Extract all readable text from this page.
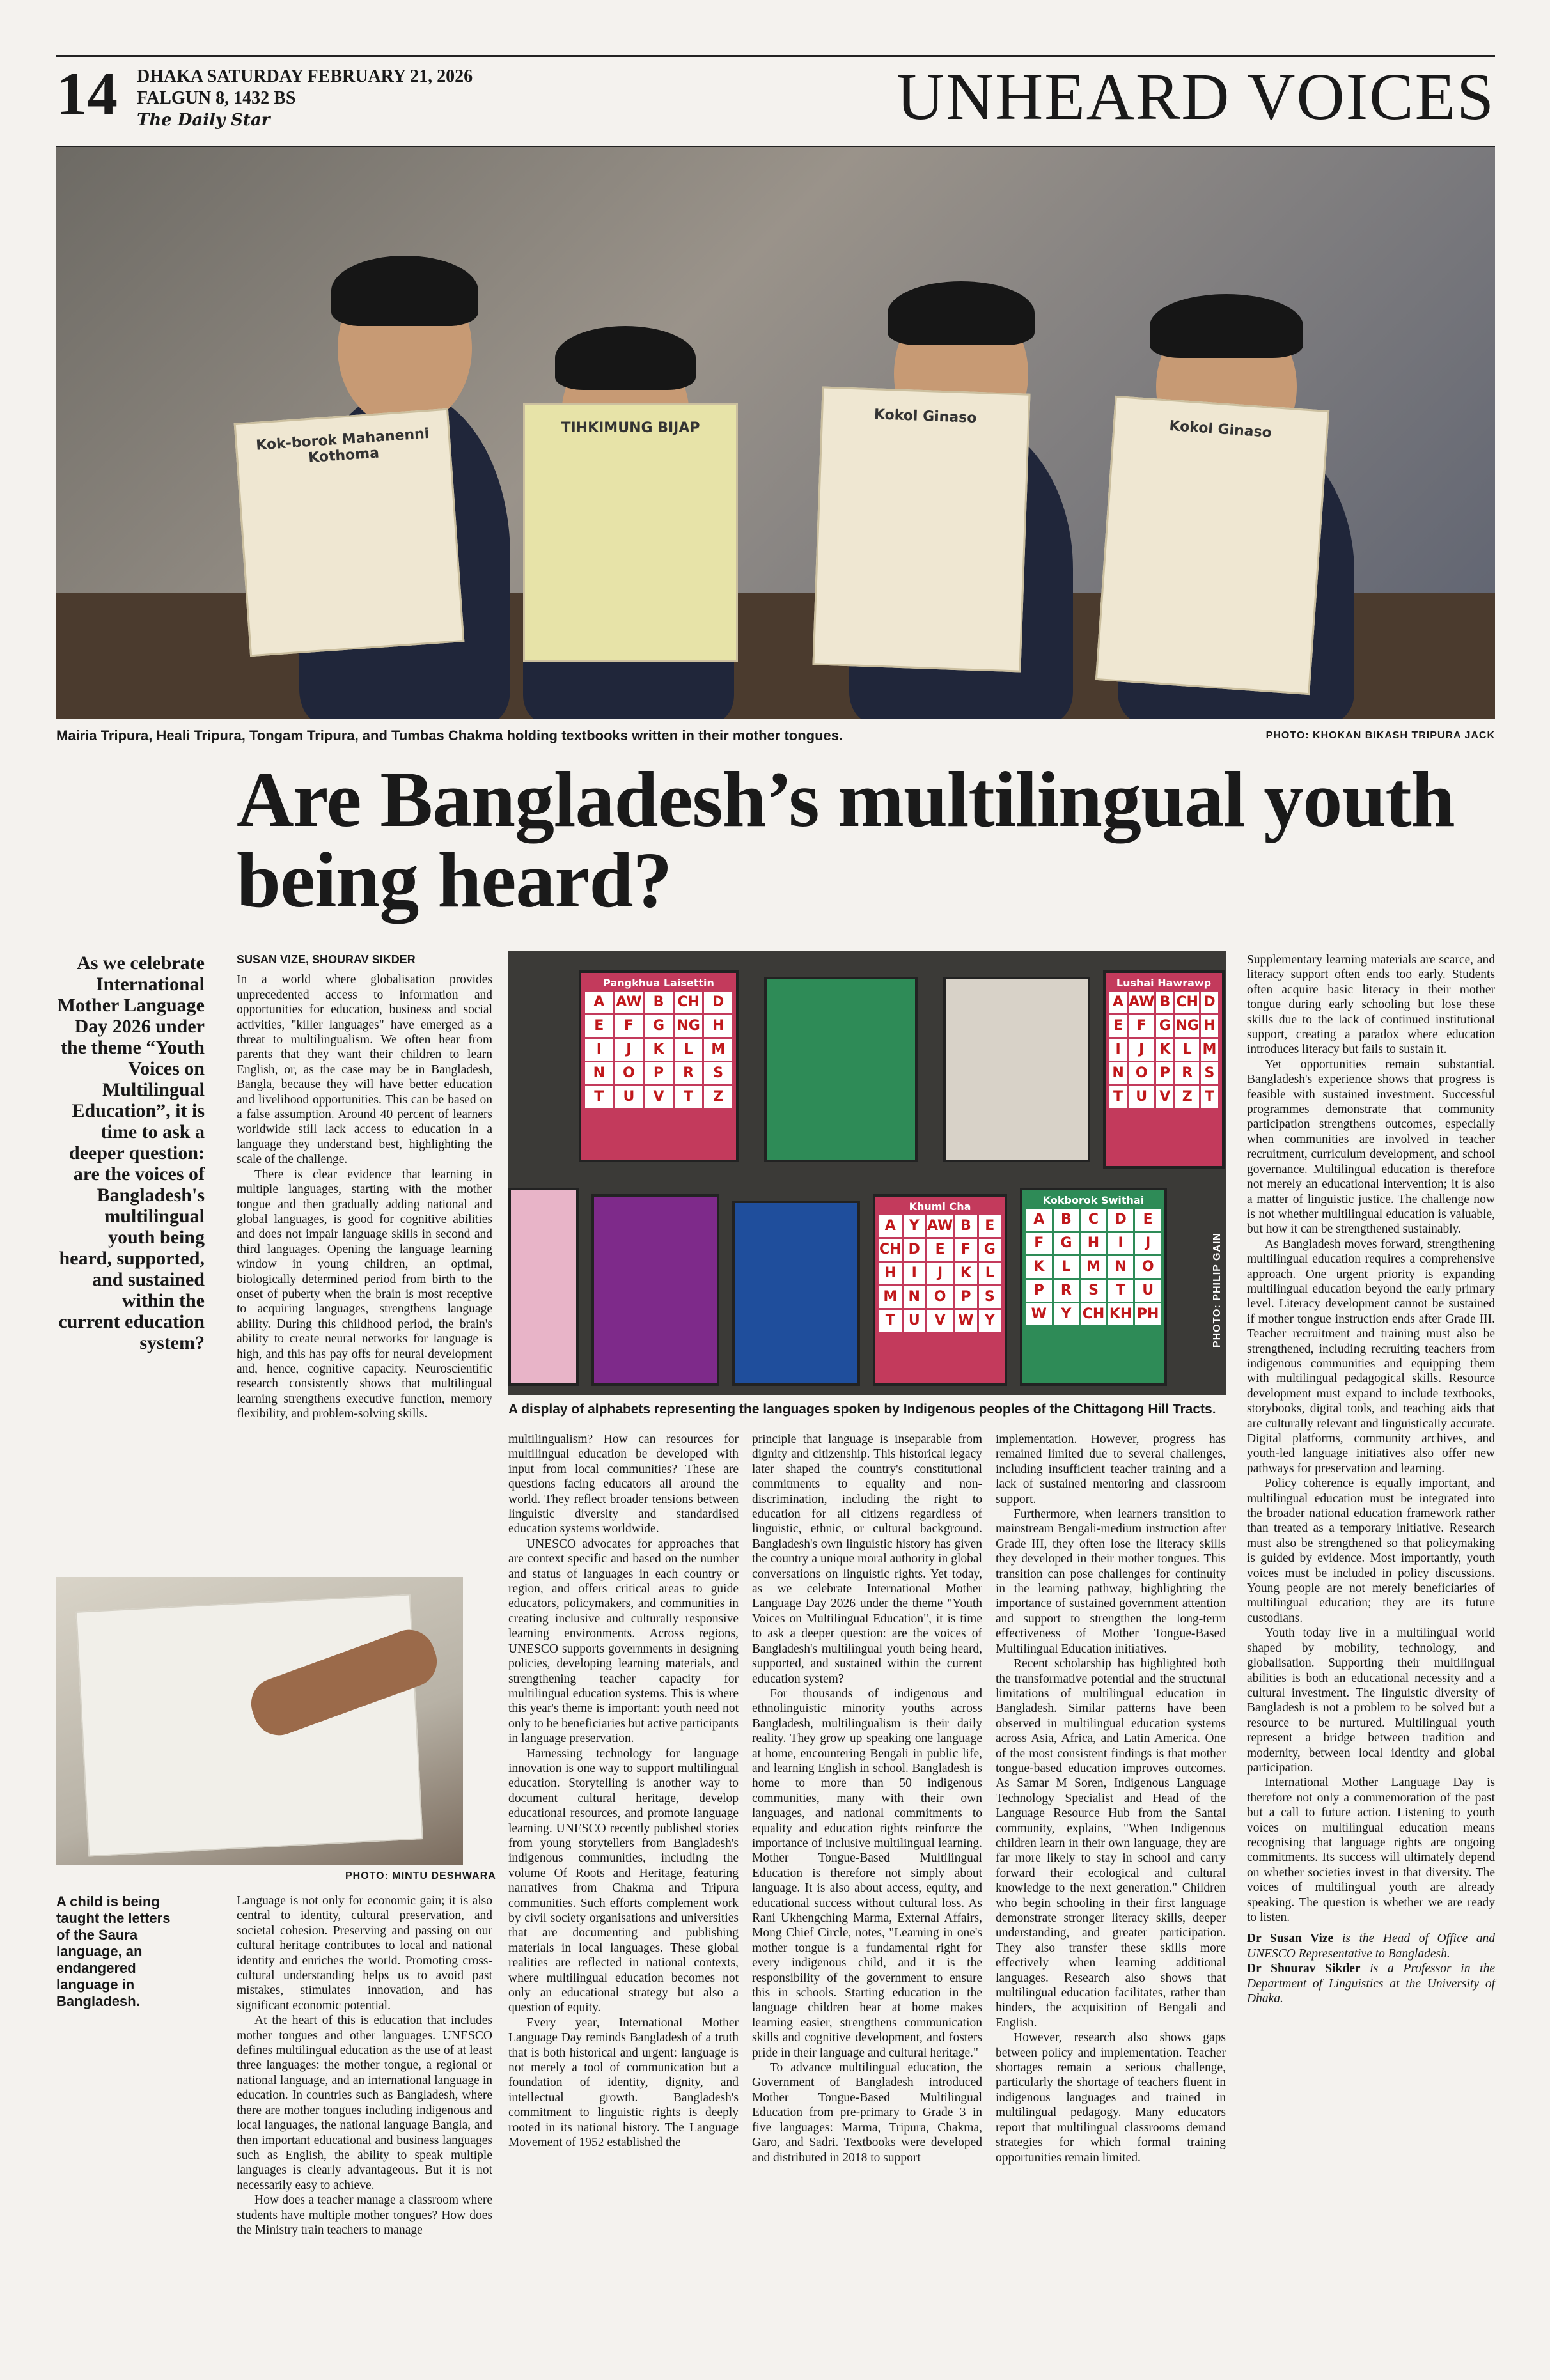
14 DHAKA SATURDAY FEBRUARY 21, 2026
FALGUN 8, 1432 BS
The Daily Star	UNHEARD VOICES
Kok-borok Mahanenni Kothoma
TIHKIMUNG BIJAP
Kokol Ginaso
Kokol Ginaso
Mairia Tripura, Heali Tripura, Tongam Tripura, and Tumbas Chakma holding textbooks written in their mother tongues.	PHOTO: KHOKAN BIKASH TRIPURA JACK
Are Bangladesh’s multilingual youth being heard?
As we celebrate International Mother Language Day 2026 under the theme “Youth Voices on Multilingual Education”, it is time to ask a deeper question: are the voices of Bangladesh's multilingual youth being heard, supported, and sustained within the current education system?
SUSAN VIZE, SHOURAV SIKDER

In a world where globalisation provides unprecedented access to information and opportunities for education, business and social activities, "killer languages" have emerged as a threat to multilingualism. We often hear from parents that they want their children to learn English, or, as the case may be in Bangladesh, Bangla, because they will have better education and livelihood opportunities. This can be based on a false assumption. Around 40 percent of learners worldwide still lack access to education in a language they understand best, highlighting the scale of the challenge.

There is clear evidence that learning in multiple languages, starting with the mother tongue and then gradually adding national and global languages, is good for cognitive abilities and does not impair language skills in second and third languages. Opening the language learning window in young children, an optimal, biologically determined period from birth to the onset of puberty when the brain is most receptive to acquiring languages, strengthens language ability. During this childhood period, the brain's ability to create neural networks for language is high, and this has pay offs for neural development and, hence, cognitive capacity. Neuroscientific research consistently shows that multilingual learning strengthens executive function, memory flexibility, and problem-solving skills.

Pangkhua Laisettin
A AW B CH D
E	F	G NG H
I	J	K	L	M
N	O	P	R	S
T	U	V	T	Z

Lushai Hawrawp
A AW B CH D
E F G NG H
I	J	K L M
N O P R S
T U V Z T
Khumi Cha
A Y AW B E
CH D	E	F G
H	I	J	K L
M N O	P S
T U	V W Y
Kokborok Swithai
A	B	C	D	E
F	G	H	I	J
K	L	M	N	O
P	R	S	T	U
W	Y CH KH PH	PHOTO: PHILIP GAIN
A display of alphabets representing the languages spoken by Indigenous peoples of the Chittagong Hill Tracts.

multilingualism? How can resources for multilingual education be developed with input from local communities? These are questions facing educators all around the world. They reflect broader tensions between linguistic diversity and standardised education systems worldwide.

UNESCO advocates for approaches that are context specific and based on the number and status of languages in each country or region, and offers critical areas to guide educators, policymakers, and communities in creating inclusive and culturally responsive learning environments. Across regions, UNESCO supports governments in designing policies, developing learning materials, and strengthening teacher capacity for multilingual education systems. This is where this year's theme is important: youth need not only to be beneficiaries but active participants in language preservation.

Harnessing technology for language innovation is one way to support multilingual education. Storytelling is another way to document cultural heritage, develop educational resources, and promote language learning. UNESCO recently published stories from young storytellers from Bangladesh's indigenous communities, including the volume Of Roots and Heritage, featuring narratives from Chakma and Tripura communities. Such efforts complement work by civil society organisations and universities that are documenting and publishing materials in local languages. These global realities are reflected in national contexts, where multilingual education becomes not only an educational strategy but also a question of equity.

Every year, International Mother Language Day reminds Bangladesh of a truth that is both historical and urgent: language is not merely a tool of communication but a foundation of identity, dignity, and intellectual growth. Bangladesh's commitment to linguistic rights is deeply rooted in its national history. The Language Movement of 1952 established the

principle that language is inseparable from dignity and citizenship. This historical legacy later shaped the country's constitutional commitments to equality and non-discrimination, including the right to education for all citizens regardless of linguistic, ethnic, or cultural background. Bangladesh's own linguistic history has given the country a unique moral authority in global conversations on linguistic rights. Yet today, as we celebrate International Mother Language Day 2026 under the theme "Youth Voices on Multilingual Education", it is time to ask a deeper question: are the voices of Bangladesh's multilingual youth being heard, supported, and sustained within the current education system?

For thousands of indigenous and ethnolinguistic minority youths across Bangladesh, multilingualism is their daily reality. They grow up speaking one language at home, encountering Bengali in public life, and learning English in school. Bangladesh is home to more than 50 indigenous communities, many with their own languages, and national commitments to equality and education rights reinforce the importance of inclusive multilingual learning. Mother Tongue-Based Multilingual Education is therefore not simply about language. It is also about access, equity, and educational success without cultural loss. As Rani Ukhengching Marma, External Affairs, Mong Chief Circle, notes, "Learning in one's mother tongue is a fundamental right for every indigenous child, and it is the responsibility of the government to ensure this in schools. Starting education in the language children hear at home makes learning easier, strengthens communication skills and cognitive development, and fosters pride in their language and cultural heritage."

To advance multilingual education, the Government of Bangladesh introduced Mother Tongue-Based Multilingual Education from pre-primary to Grade 3 in five languages: Marma, Tripura, Chakma, Garo, and Sadri. Textbooks were developed and distributed in 2018 to support

implementation. However, progress has remained limited due to several challenges, including insufficient teacher training and a lack of sustained mentoring and classroom support.

Furthermore, when learners transition to mainstream Bengali-medium instruction after Grade III, they often lose the literacy skills they developed in their mother tongues. This transition can pose challenges for continuity in the learning pathway, highlighting the importance of sustained government attention and support to strengthen the long-term effectiveness of Mother Tongue-Based Multilingual Education initiatives.

Recent scholarship has highlighted both the transformative potential and the structural limitations of multilingual education in Bangladesh. Similar patterns have been observed in multilingual education systems across Asia, Africa, and Latin America. One of the most consistent findings is that mother tongue-based education improves outcomes. As Samar M Soren, Indigenous Language Technology Specialist and Head of the Language Resource Hub from the Santal community, explains, "When Indigenous children learn in their own language, they are far more likely to stay in school and carry forward their ecological and cultural knowledge to the next generation." Children who begin schooling in their first language demonstrate stronger literacy skills, deeper understanding, and greater participation. They also transfer these skills more effectively when learning additional languages. Research also shows that multilingual education facilitates, rather than hinders, the acquisition of Bengali and English.

However, research also shows gaps between policy and implementation. Teacher shortages remain a serious challenge, particularly the shortage of teachers fluent in indigenous languages and trained in multilingual pedagogy. Many educators report that multilingual classrooms demand strategies for which formal training opportunities remain limited.

Supplementary learning materials are scarce, and literacy support often ends too early. Students often acquire basic literacy in their mother tongue during early schooling but lose these skills due to the lack of continued institutional support, creating a paradox where education introduces literacy but fails to sustain it.

Yet opportunities remain substantial. Bangladesh's experience shows that progress is feasible with sustained investment. Successful programmes demonstrate that community participation strengthens outcomes, especially when communities are involved in teacher recruitment, curriculum development, and school governance. Multilingual education is therefore not merely an educational intervention; it is also a matter of linguistic justice. The challenge now is not whether multilingual education is valuable, but how it can be strengthened sustainably.

As Bangladesh moves forward, strengthening multilingual education requires a comprehensive approach. One urgent priority is expanding multilingual education beyond the early primary level. Literacy development cannot be sustained if mother tongue instruction ends after Grade III. Teacher recruitment and training must also be strengthened, including recruiting teachers from indigenous communities and equipping them with multilingual pedagogical skills. Resource development must expand to include textbooks, storybooks, digital tools, and teaching aids that are culturally relevant and linguistically accurate. Digital platforms, community archives, and youth-led language initiatives also offer new pathways for preservation and learning.

Policy coherence is equally important, and multilingual education must be integrated into the broader national education framework rather than treated as a temporary initiative. Research must also be strengthened so that policymaking is guided by evidence. Most importantly, youth voices must be included in policy discussions. Young people are not merely beneficiaries of multilingual education; they are its future custodians.

Youth today live in a multilingual world shaped by mobility, technology, and globalisation. Supporting their multilingual abilities is both an educational necessity and a cultural investment. The linguistic diversity of Bangladesh is not a problem to be solved but a resource to be nurtured. Multilingual youth represent a bridge between tradition and modernity, between local identity and global participation.

International Mother Language Day is therefore not only a commemoration of the past but a call to future action. Listening to youth voices on multilingual education means recognising that language rights are ongoing commitments. Its success will ultimately depend on whether societies invest in that diversity. The voices of multilingual youth are already speaking. The question is whether we are ready to listen.

Dr Susan Vize is the Head of Office and UNESCO Representative to Bangladesh.

Dr Shourav Sikder is a Professor in the Department of Linguistics at the University of Dhaka.

PHOTO: MINTU DESHWARA
A child is being taught the letters of the Saura language, an endangered language in Bangladesh.

Language is not only for economic gain; it is also central to identity, cultural preservation, and societal cohesion. Preserving and passing on our cultural heritage contributes to local and national identity and enriches the world. Promoting cross-cultural understanding helps us to avoid past mistakes, stimulates innovation, and has significant economic potential.

At the heart of this is education that includes mother tongues and other languages. UNESCO defines multilingual education as the use of at least three languages: the mother tongue, a regional or national language, and an international language in education. In countries such as Bangladesh, where there are mother tongues including indigenous and local languages, the national language Bangla, and then important educational and business languages such as English, the ability to speak multiple languages is clearly advantageous. But it is not necessarily easy to achieve.

How does a teacher manage a classroom where students have multiple mother tongues? How does the Ministry train teachers to manage
